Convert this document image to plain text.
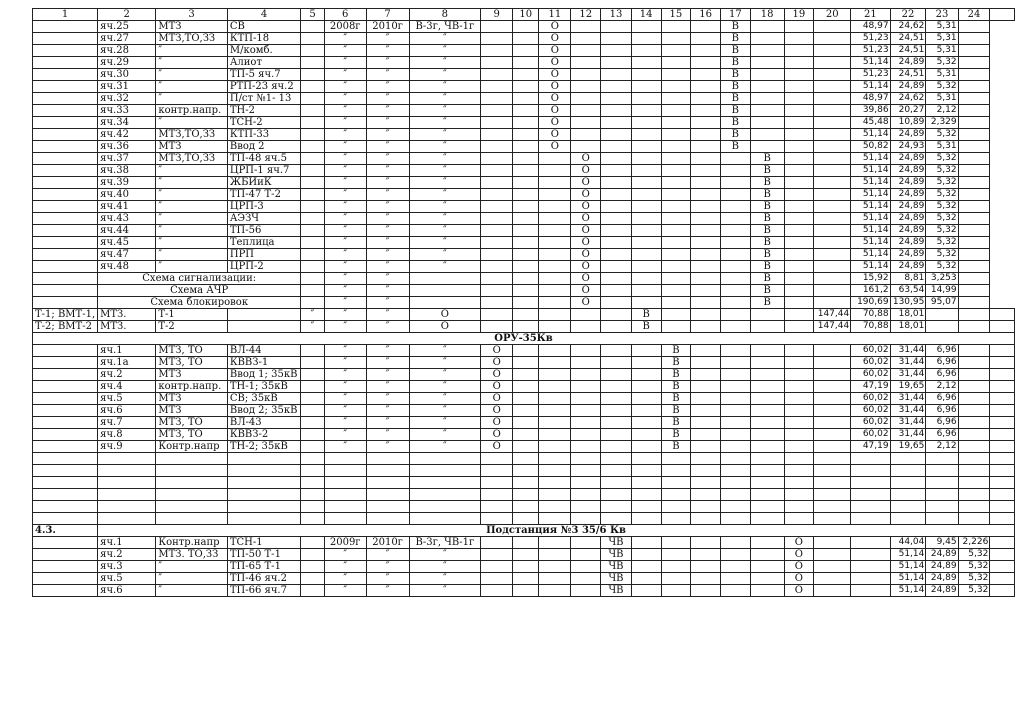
1	2	3	4	5	6	7	8	9	10	11	12	13	14	15	16	17	18	19	20	21	22	23	24	
	яч.25	МТЗ	СВ		2008г	2010г	В-3г, ЧВ-1г			О						В				48,97	24,62	5,31		
	яч.27	МТЗ,ТО,ЗЗ	КТП-18		″	″	″			О						В				51,23	24,51	5,31		
	яч.28	″	М/комб.		″	″	″			О						В				51,23	24,51	5,31		
	яч.29	″	Алиот		″	″	″			О						В				51,14	24,89	5,32		
	яч.30	″	ТП-5 яч.7		″	″	″			О						В				51,23	24,51	5,31		
	яч.31	″	РТП-23 яч.2		″	″	″			О						В				51,14	24,89	5,32		
	яч.32	″	П/ст №1- 13		″	″	″			О						В				48,97	24,62	5,31		
	яч.33	контр.напр.	ТН-2		″	″	″			О						В				39,86	20,27	2,12		
	яч.34	″	ТСН-2		″	″	″			О						В				45,48	10,89	2,329		
	яч.42	МТЗ,ТО,ЗЗ	КТП-33		″	″	″			О						В				51,14	24,89	5,32		
	яч.36	МТЗ	Ввод 2		″	″	″			О						В				50,82	24,93	5,31		
	яч.37	МТЗ,ТО,ЗЗ	ТП-48 яч.5		″	″	″				О						В			51,14	24,89	5,32		
	яч.38	″	ЦРП-1 яч.7		″	″	″				О						В			51,14	24,89	5,32		
	яч.39	″	ЖБИиК		″	″	″				О						В			51,14	24,89	5,32		
	яч.40	″	ТП-47 Т-2		″	″	″				О						В			51,14	24,89	5,32		
	яч.41	″	ЦРП-3		″	″	″				О						В			51,14	24,89	5,32		
	яч.43	″	АЭЗЧ		″	″	″				О						В			51,14	24,89	5,32		
	яч.44	″	ТП-56		″	″	″				О						В			51,14	24,89	5,32		
	яч.45	″	Теплица		″	″	″				О						В			51,14	24,89	5,32		
	яч.47	″	ПРП		″	″	″				О						В			51,14	24,89	5,32		
	яч.48	″	ЦРП-2		″	″	″				О						В			51,14	24,89	5,32		
	Схема сигнализации:				″	″					О						В			15,92	8,81	3,253		
	Схема АЧР				″	″					О						В			161,2	63,54	14,99		
	Схема блокировок				″	″					О						В			190,69	130,95	95,07		
Т-1; ВМТ-1,	МТЗ.	Т-1		″	″	″	О						В						147,44	70,88	18,01			
Т-2; ВМТ-2	МТЗ.	Т-2		″	″	″	О						В						147,44	70,88	18,01			
ОРУ-35Кв																								
	яч.1	МТЗ, ТО	ВЛ-44		″	″	″	О						В						60,02	31,44	6,96		
	яч.1а	МТЗ, ТО	КВВЗ-1		″	″	″	О						В						60,02	31,44	6,96		
	яч.2	МТЗ	Ввод 1; 35кВ		″	″	″	О						В						60,02	31,44	6,96		
	яч.4	контр.напр.	ТН-1; 35кВ		″	″	″	О						В						47,19	19,65	2,12		
	яч.5	МТЗ	СВ; 35кВ		″	″	″	О						В						60,02	31,44	6,96		
	яч.6	МТЗ	Ввод 2; 35кВ		″	″	″	О						В						60,02	31,44	6,96		
	яч.7	МТЗ, ТО	ВЛ-43		″	″	″	О						В						60,02	31,44	6,96		
	яч.8	МТЗ, ТО	КВВЗ-2		″	″	″	О						В						60,02	31,44	6,96		
	яч.9	Контр.напр	ТН-2; 35кВ		″	″	″	О						В						47,19	19,65	2,12		

4.3.	Подстанция №3 35/6 Кв																							
	яч.1	Контр.напр	ТСН-1		2009г	2010г	В-3г, ЧВ-1г					ЧВ						О			44,04	9,45	2,226	
	яч.2	МТЗ. ТО,ЗЗ	ТП-50 Т-1		″	″	″					ЧВ						О			51,14	24,89	5,32	
	яч.3	″	ТП-65 Т-1		″	″	″					ЧВ						О			51,14	24,89	5,32	
	яч.5	″	ТП-46 яч.2		″	″	″					ЧВ						О			51,14	24,89	5,32	
	яч.6	″	ТП-66 яч.7		″	″	″					ЧВ						О			51,14	24,89	5,32	
